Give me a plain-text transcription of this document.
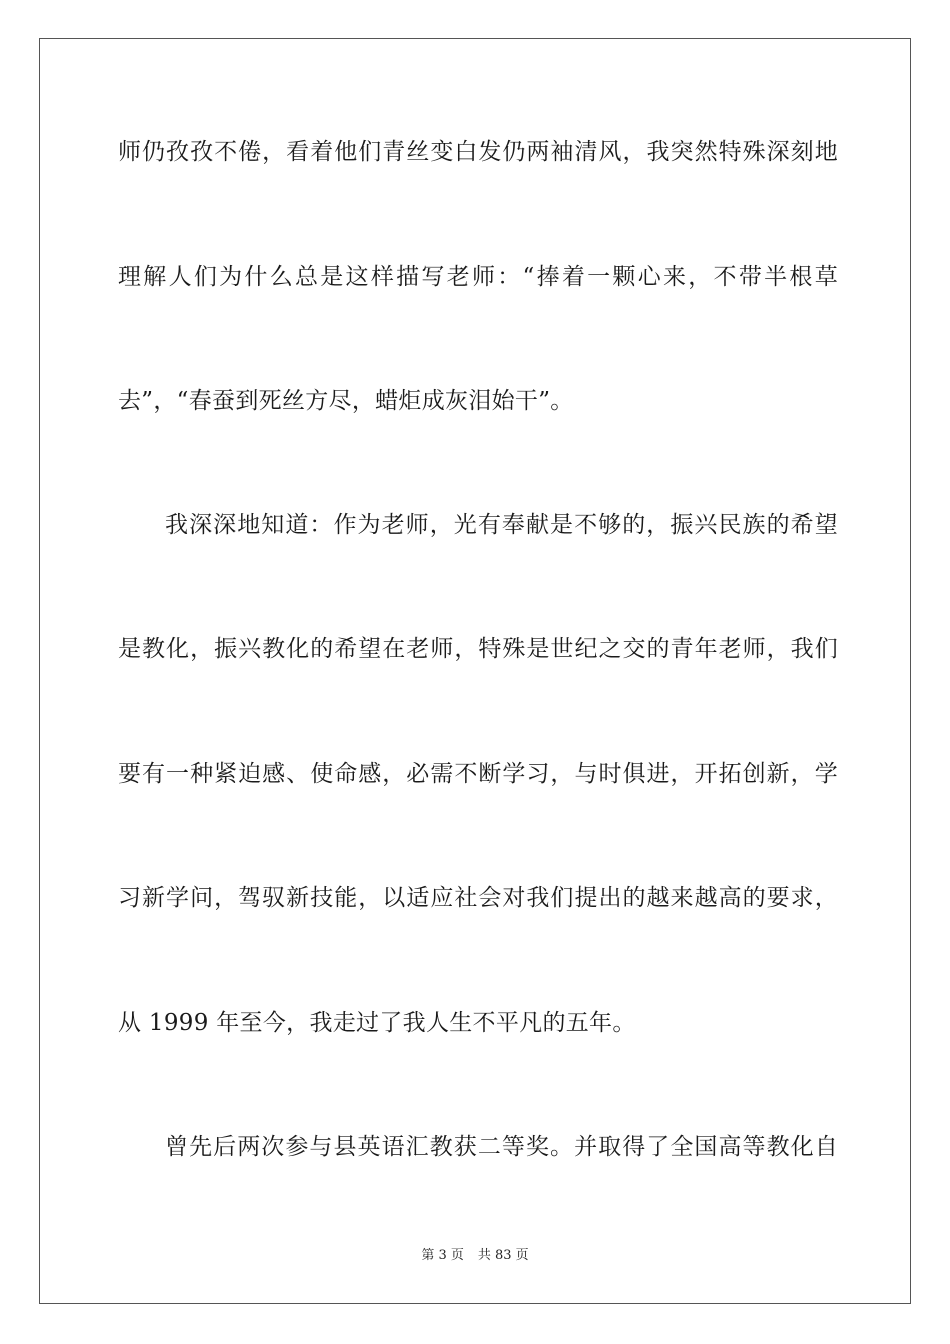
师仍孜孜不倦，看着他们青丝变白发仍两袖清风，我突然特殊深刻地
理解人们为什么总是这样描写老师：“捧着一颗心来，不带半根草
去”，“春蚕到死丝方尽，蜡炬成灰泪始干”。
我深深地知道：作为老师，光有奉献是不够的，振兴民族的希望
是教化，振兴教化的希望在老师，特殊是世纪之交的青年老师，我们
要有一种紧迫感、使命感，必需不断学习，与时俱进，开拓创新，学
习新学问，驾驭新技能，以适应社会对我们提出的越来越高的要求，
从 1999 年至今，我走过了我人生不平凡的五年。
曾先后两次参与县英语汇教获二等奖。并取得了全国高等教化自
第 3 页 共 83 页
